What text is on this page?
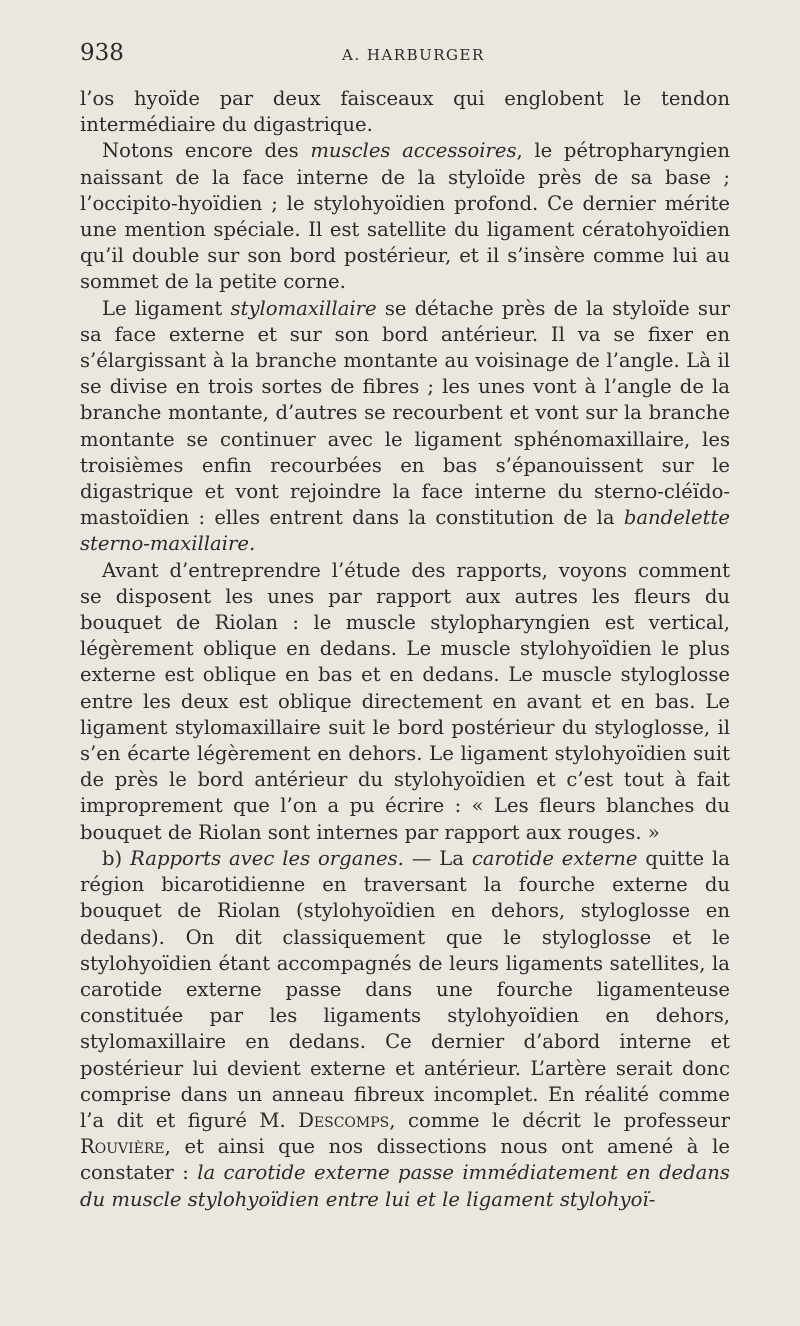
938	A. HARBURGER

l’os hyoïde par deux faisceaux qui englobent le tendon intermédiaire du digastrique.

Notons encore des muscles accessoires, le pétropharyngien naissant de la face interne de la styloïde près de sa base ; l’occipito-hyoïdien ; le stylohyoïdien profond. Ce dernier mérite une mention spéciale. Il est satellite du ligament cératohyoïdien qu’il double sur son bord postérieur, et il s’insère comme lui au sommet de la petite corne.

Le ligament stylomaxillaire se détache près de la styloïde sur sa face externe et sur son bord antérieur. Il va se fixer en s’élargissant à la branche montante au voisinage de l’angle. Là il se divise en trois sortes de fibres ; les unes vont à l’angle de la branche montante, d’autres se recourbent et vont sur la branche montante se continuer avec le ligament sphénomaxillaire, les troisièmes enfin recourbées en bas s’épanouissent sur le digastrique et vont rejoindre la face interne du sterno-cléïdo-mastoïdien : elles entrent dans la constitution de la bandelette sterno-maxillaire.

Avant d’entreprendre l’étude des rapports, voyons comment se disposent les unes par rapport aux autres les fleurs du bouquet de Riolan : le muscle stylopharyngien est vertical, légèrement oblique en dedans. Le muscle stylohyoïdien le plus externe est oblique en bas et en dedans. Le muscle styloglosse entre les deux est oblique directement en avant et en bas. Le ligament stylomaxillaire suit le bord postérieur du styloglosse, il s’en écarte légèrement en dehors. Le ligament stylohyoïdien suit de près le bord antérieur du stylohyoïdien et c’est tout à fait improprement que l’on a pu écrire : « Les fleurs blanches du bouquet de Riolan sont internes par rapport aux rouges. »

b) Rapports avec les organes. — La carotide externe quitte la région bicarotidienne en traversant la fourche externe du bouquet de Riolan (stylohyoïdien en dehors, styloglosse en dedans). On dit classiquement que le styloglosse et le stylohyoïdien étant accompagnés de leurs ligaments satellites, la carotide externe passe dans une fourche ligamenteuse constituée par les ligaments stylohyoïdien en dehors, stylomaxillaire en dedans. Ce dernier d’abord interne et postérieur lui devient externe et antérieur. L’artère serait donc comprise dans un anneau fibreux incomplet. En réalité comme l’a dit et figuré M. Descomps, comme le décrit le professeur Rouvière, et ainsi que nos dissections nous ont amené à le constater : la carotide externe passe immédiatement en dedans du muscle stylohyoïdien entre lui et le ligament stylohyoï-
